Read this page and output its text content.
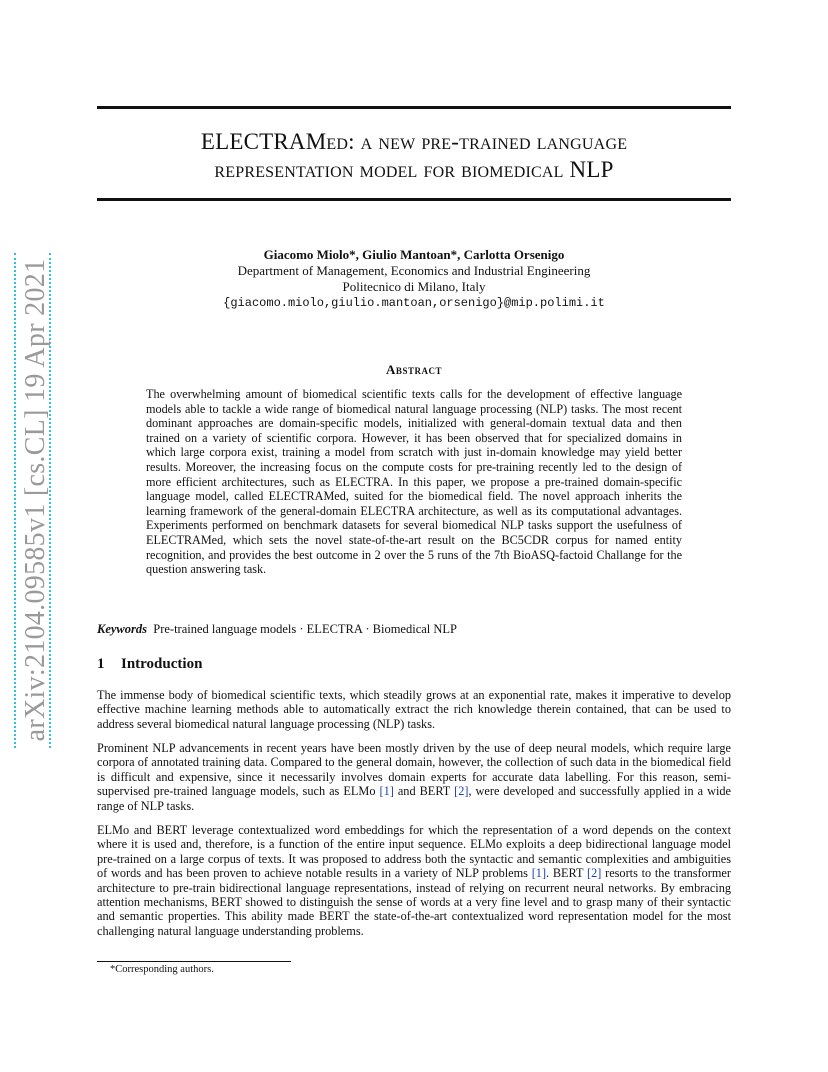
arXiv:2104.09585v1 [cs.CL] 19 Apr 2021
ELECTRAMed: a new pre-trained language
representation model for biomedical NLP
Giacomo Miolo*, Giulio Mantoan*, Carlotta Orsenigo
Department of Management, Economics and Industrial Engineering
Politecnico di Milano, Italy
{giacomo.miolo,giulio.mantoan,orsenigo}@mip.polimi.it
Abstract
The overwhelming amount of biomedical scientific texts calls for the development of effective language models able to tackle a wide range of biomedical natural language processing (NLP) tasks. The most recent dominant approaches are domain-specific models, initialized with general-domain textual data and then trained on a variety of scientific corpora. However, it has been observed that for specialized domains in which large corpora exist, training a model from scratch with just in-domain knowledge may yield better results. Moreover, the increasing focus on the compute costs for pre-training recently led to the design of more efficient architectures, such as ELECTRA. In this paper, we propose a pre-trained domain-specific language model, called ELECTRAMed, suited for the biomedical field. The novel approach inherits the learning framework of the general-domain ELECTRA architecture, as well as its computational advantages. Experiments performed on benchmark datasets for several biomedical NLP tasks support the usefulness of ELECTRAMed, which sets the novel state-of-the-art result on the BC5CDR corpus for named entity recognition, and provides the best outcome in 2 over the 5 runs of the 7th BioASQ-factoid Challange for the question answering task.
Keywords Pre-trained language models · ELECTRA · Biomedical NLP
1 Introduction
The immense body of biomedical scientific texts, which steadily grows at an exponential rate, makes it imperative to develop effective machine learning methods able to automatically extract the rich knowledge therein contained, that can be used to address several biomedical natural language processing (NLP) tasks.
Prominent NLP advancements in recent years have been mostly driven by the use of deep neural models, which require large corpora of annotated training data. Compared to the general domain, however, the collection of such data in the biomedical field is difficult and expensive, since it necessarily involves domain experts for accurate data labelling. For this reason, semi-supervised pre-trained language models, such as ELMo [1] and BERT [2], were developed and successfully applied in a wide range of NLP tasks.
ELMo and BERT leverage contextualized word embeddings for which the representation of a word depends on the context where it is used and, therefore, is a function of the entire input sequence. ELMo exploits a deep bidirectional language model pre-trained on a large corpus of texts. It was proposed to address both the syntactic and semantic complexities and ambiguities of words and has been proven to achieve notable results in a variety of NLP problems [1]. BERT [2] resorts to the transformer architecture to pre-train bidirectional language representations, instead of relying on recurrent neural networks. By embracing attention mechanisms, BERT showed to distinguish the sense of words at a very fine level and to grasp many of their syntactic and semantic properties. This ability made BERT the state-of-the-art contextualized word representation model for the most challenging natural language understanding problems.
*Corresponding authors.
